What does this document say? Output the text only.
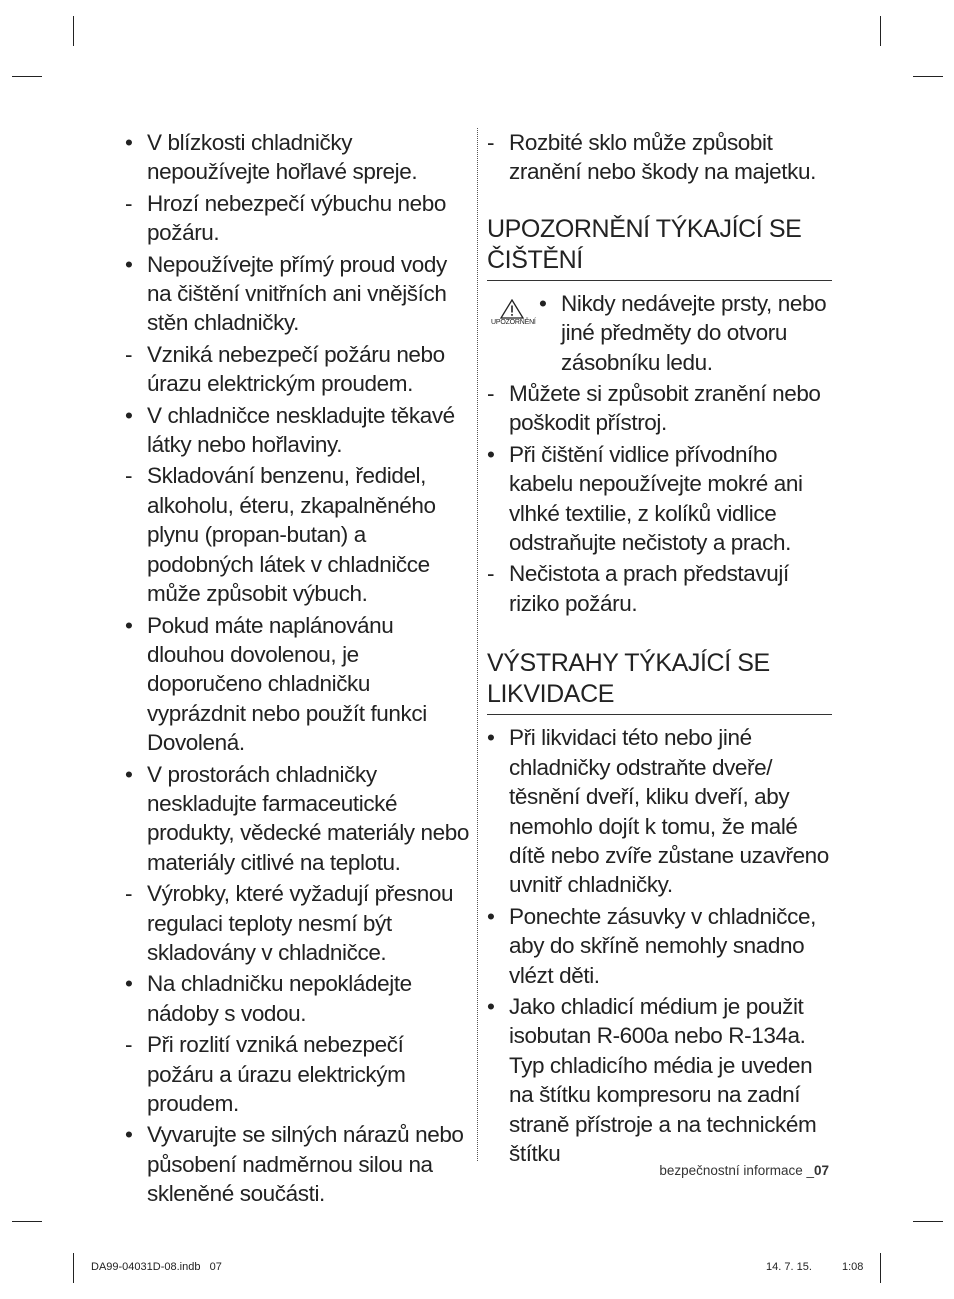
• V blízkosti chladničky nepoužívejte hořlavé spreje.
- Hrozí nebezpečí výbuchu nebo požáru.
• Nepoužívejte přímý proud vody na čištění vnitřních ani vnějších stěn chladničky.
- Vzniká nebezpečí požáru nebo úrazu elektrickým proudem.
• V chladničce neskladujte těkavé látky nebo hořlaviny.
- Skladování benzenu, ředidel, alkoholu, éteru, zkapalněného plynu (propan-butan) a podobných látek v chladničce může způsobit výbuch.
• Pokud máte naplánovánu dlouhou dovolenou, je doporučeno chladničku vyprázdnit nebo použít funkci Dovolená.
• V prostorách chladničky neskladujte farmaceutické produkty, vědecké materiály nebo materiály citlivé na teplotu.
- Výrobky, které vyžadují přesnou regulaci teploty nesmí být skladovány v chladničce.
• Na chladničku nepokládejte nádoby s vodou.
- Při rozlití vzniká nebezpečí požáru a úrazu elektrickým proudem.
• Vyvarujte se silných nárazů nebo působení nadměrnou silou na skleněné součásti.
- Rozbité sklo může způsobit zranění nebo škody na majetku.
UPOZORNĚNÍ TÝKAJÍCÍ SE ČIŠTĚNÍ
UPOZORNĚNÍ
• Nikdy nedávejte prsty, nebo jiné předměty do otvoru zásobníku ledu.
- Můžete si způsobit zranění nebo poškodit přístroj.
• Při čištění vidlice přívodního kabelu nepoužívejte mokré ani vlhké textilie, z kolíků vidlice odstraňujte nečistoty a prach.
- Nečistota a prach představují riziko požáru.
VÝSTRAHY TÝKAJÍCÍ SE LIKVIDACE
• Při likvidaci této nebo jiné chladničky odstraňte dveře/ těsnění dveří, kliku dveří, aby nemohlo dojít k tomu, že malé dítě nebo zvíře zůstane uzavřeno uvnitř chladničky.
• Ponechte zásuvky v chladničce, aby do skříně nemohly snadno vlézt děti.
• Jako chladicí médium je použit isobutan R-600a nebo R-134a. Typ chladicího média je uveden na štítku kompresoru na zadní straně přístroje a na technickém štítku
bezpečnostní informace _07
DA99-04031D-08.indb   07	14. 7. 15.	1:08
